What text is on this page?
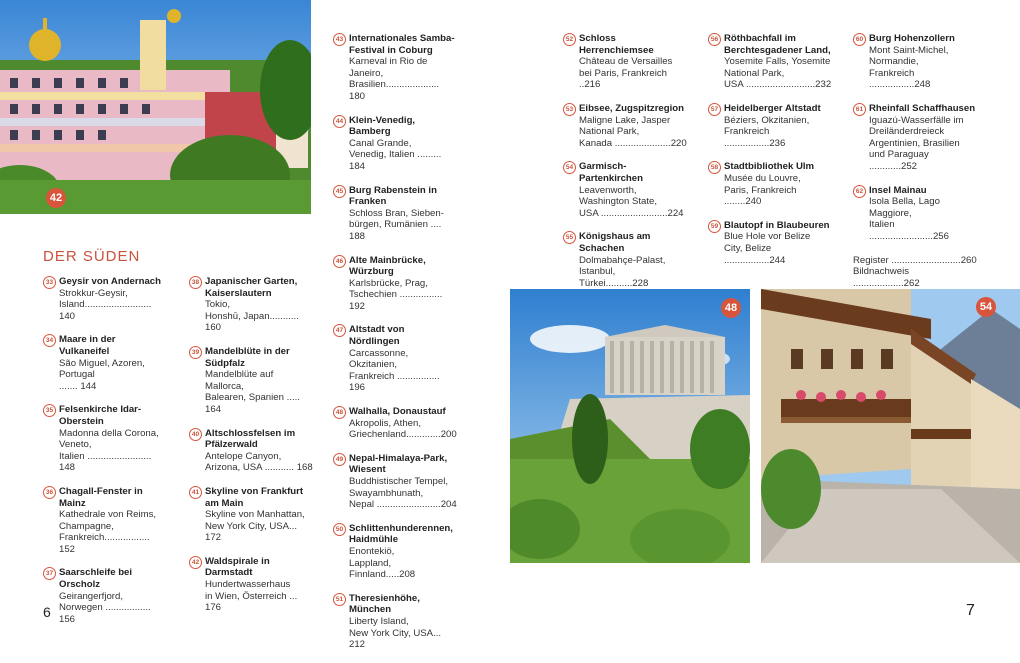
42
DER SÜDEN
33 Geysir von Andernach
Strokkur-Geysir,
Island......................... 140
34 Maare in der Vulkaneifel
São Miguel, Azoren, Portugal
....... 144
35 Felsenkirche Idar-Oberstein
Madonna della Corona, Veneto,
Italien ........................ 148
36 Chagall-Fenster in Mainz
Kathedrale von Reims, Champagne,
Frankreich................. 152
37 Saarschleife bei Orscholz
Geirangerfjord,
Norwegen ................. 156
38 Japanischer Garten, Kaiserslautern
Tokio,
Honshū, Japan........... 160
39 Mandelblüte in der Südpfalz
Mandelblüte auf Mallorca,
Balearen, Spanien ..... 164
40 Altschlossfelsen im Pfälzerwald
Antelope Canyon,
Arizona, USA ........... 168
41 Skyline von Frankfurt am Main
Skyline von Manhattan,
New York City, USA... 172
42 Waldspirale in Darmstadt
Hundertwasserhaus
in Wien, Österreich ... 176
43 Internationales Samba-Festival in Coburg
Karneval in Rio de Janeiro,
Brasilien.................... 180
44 Klein-Venedig, Bamberg
Canal Grande,
Venedig, Italien ......... 184
45 Burg Rabenstein in Franken
Schloss Bran, Sieben-
bürgen, Rumänien .... 188
46 Alte Mainbrücke, Würzburg
Karlsbrücke, Prag,
Tschechien ................ 192
47 Altstadt von Nördlingen
Carcassonne, Okzitanien,
Frankreich ................ 196
48 Walhalla, Donaustauf
Akropolis, Athen,
Griechenland.............200
49 Nepal-Himalaya-Park, Wiesent
Buddhistischer Tempel, Swayambhunath,
Nepal ........................204
50 Schlittenhunderennen, Haidmühle
Enontekiö,
Lappland, Finnland.....208
51 Theresienhöhe, München
Liberty Island,
New York City, USA... 212
52 Schloss Herrenchiemsee
Château de Versailles
bei Paris, Frankreich ..216
53 Eibsee, Zugspitzregion
Maligne Lake, Jasper National Park,
Kanada .....................220
54 Garmisch-Partenkirchen
Leavenworth, Washington State,
USA .........................224
55 Königshaus am Schachen
Dolmabahçe-Palast,
Istanbul, Türkei..........228
56 Röthbachfall im Berchtesgadener Land,
Yosemite Falls, Yosemite National Park,
USA ..........................232
57 Heidelberger Altstadt
Béziers, Okzitanien,
Frankreich .................236
58 Stadtbibliothek Ulm
Musée du Louvre,
Paris, Frankreich ........240
59 Blautopf in Blaubeuren
Blue Hole vor Belize
City, Belize .................244
60 Burg Hohenzollern
Mont Saint-Michel, Normandie,
Frankreich .................248
61 Rheinfall Schaffhausen
Iguazú-Wasserfälle im Dreiländerdreieck Argentinien, Brasilien
und Paraguay ............252
62 Insel Mainau
Isola Bella, Lago Maggiore,
Italien ........................256
Register ..........................260
Bildnachweis ...................262
48	54
6	7
